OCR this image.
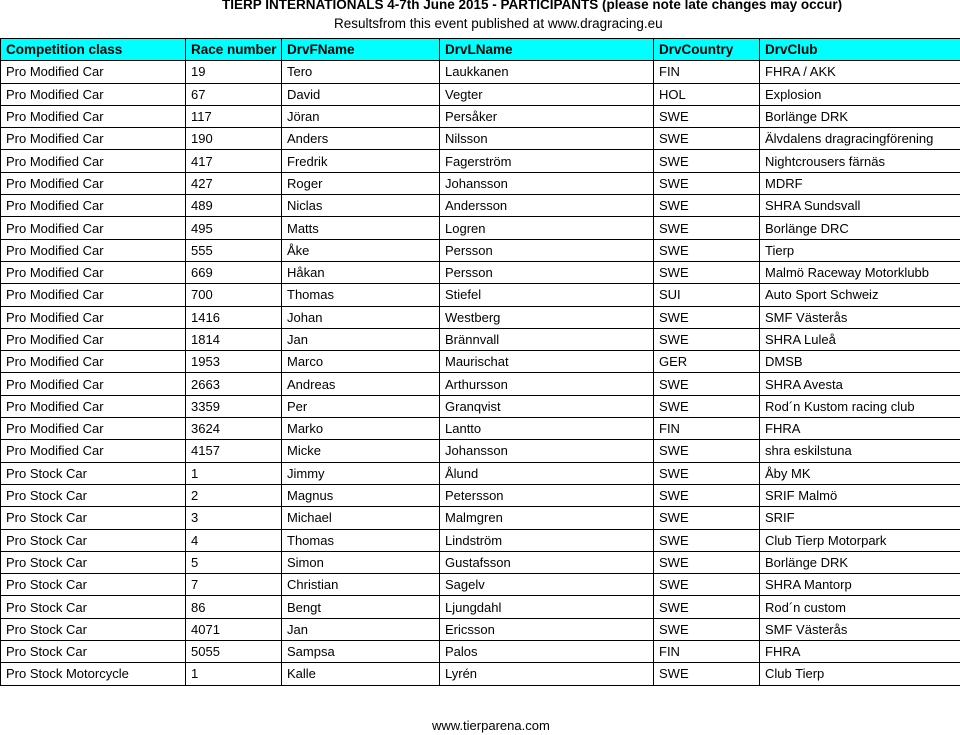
TIERP INTERNATIONALS 4-7th June 2015 - PARTICIPANTS (please note late changes may occur)
Resultsfrom this event published at www.dragracing.eu
Competition class	Race number	DrvFName	DrvLName	DrvCountry	DrvClub
Pro Modified Car	19	Tero	Laukkanen	FIN	FHRA / AKK
Pro Modified Car	67	David	Vegter	HOL	Explosion
Pro Modified Car	117	Jöran	Persåker	SWE	Borlänge DRK
Pro Modified Car	190	Anders	Nilsson	SWE	Älvdalens dragracingförening
Pro Modified Car	417	Fredrik	Fagerström	SWE	Nightcrousers färnäs
Pro Modified Car	427	Roger	Johansson	SWE	MDRF
Pro Modified Car	489	Niclas	Andersson	SWE	SHRA Sundsvall
Pro Modified Car	495	Matts	Logren	SWE	Borlänge DRC
Pro Modified Car	555	Åke	Persson	SWE	Tierp
Pro Modified Car	669	Håkan	Persson	SWE	Malmö Raceway Motorklubb
Pro Modified Car	700	Thomas	Stiefel	SUI	Auto Sport Schweiz
Pro Modified Car	1416	Johan	Westberg	SWE	SMF Västerås
Pro Modified Car	1814	Jan	Brännvall	SWE	SHRA Luleå
Pro Modified Car	1953	Marco	Maurischat	GER	DMSB
Pro Modified Car	2663	Andreas	Arthursson	SWE	SHRA Avesta
Pro Modified Car	3359	Per	Granqvist	SWE	Rod´n Kustom racing club
Pro Modified Car	3624	Marko	Lantto	FIN	FHRA
Pro Modified Car	4157	Micke	Johansson	SWE	shra eskilstuna
Pro Stock Car	1	Jimmy	Ålund	SWE	Åby MK
Pro Stock Car	2	Magnus	Petersson	SWE	SRIF Malmö
Pro Stock Car	3	Michael	Malmgren	SWE	SRIF
Pro Stock Car	4	Thomas	Lindström	SWE	Club Tierp Motorpark
Pro Stock Car	5	Simon	Gustafsson	SWE	Borlänge DRK
Pro Stock Car	7	Christian	Sagelv	SWE	SHRA Mantorp
Pro Stock Car	86	Bengt	Ljungdahl	SWE	Rod´n custom
Pro Stock Car	4071	Jan	Ericsson	SWE	SMF Västerås
Pro Stock Car	5055	Sampsa	Palos	FIN	FHRA
Pro Stock Motorcycle	1	Kalle	Lyrén	SWE	Club Tierp
www.tierparena.com
